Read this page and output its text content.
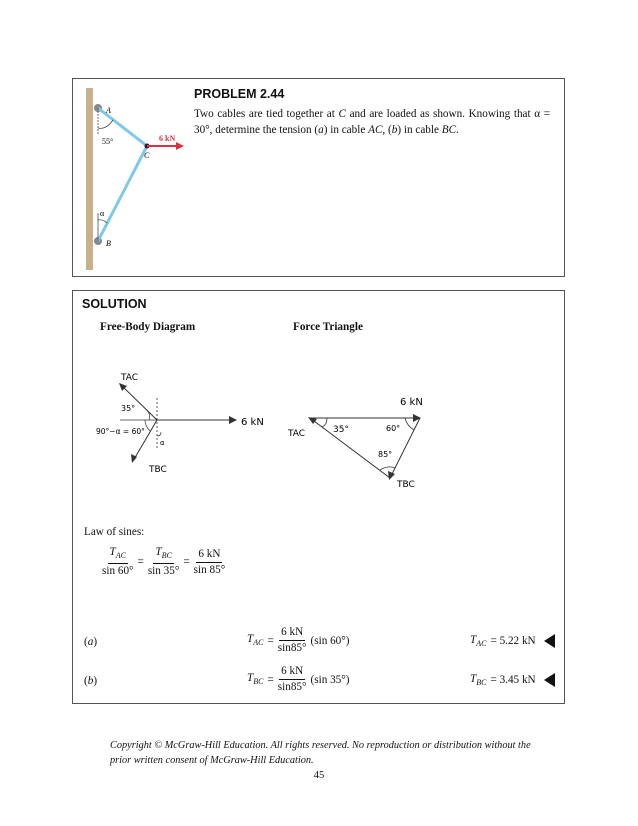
A
B
C
55°	6 kN
α
PROBLEM 2.44
Two cables are tied together at C and are loaded as shown. Knowing that α = 30°, determine the tension (a) in cable AC, (b) in cable BC.
SOLUTION
Free-Body Diagram	Force Triangle
TAC
35°
90°−α = 60°
α
TBC
6 kN
6 kN
TAC	35°	60°
85°
TBC
Law of sines:
$\frac{T_{AC}}{\sin 60^\circ} = \frac{T_{BC}}{\sin 35^\circ} = \frac{6 kN}{\sin 85^\circ}$
(a)	$T_{AC} = \frac{6 kN}{\sin 85^\circ} (\sin$ 60°)	$T_{AC} = 5.22$ kN
(b)	$T_{BC} = \frac{6 kN}{\sin 85^\circ} (\sin$ 35°)	$T_{BC} = 3.45$ kN
Copyright © McGraw-Hill Education. All rights reserved. No reproduction or distribution without the prior written consent of McGraw-Hill Education.
45
